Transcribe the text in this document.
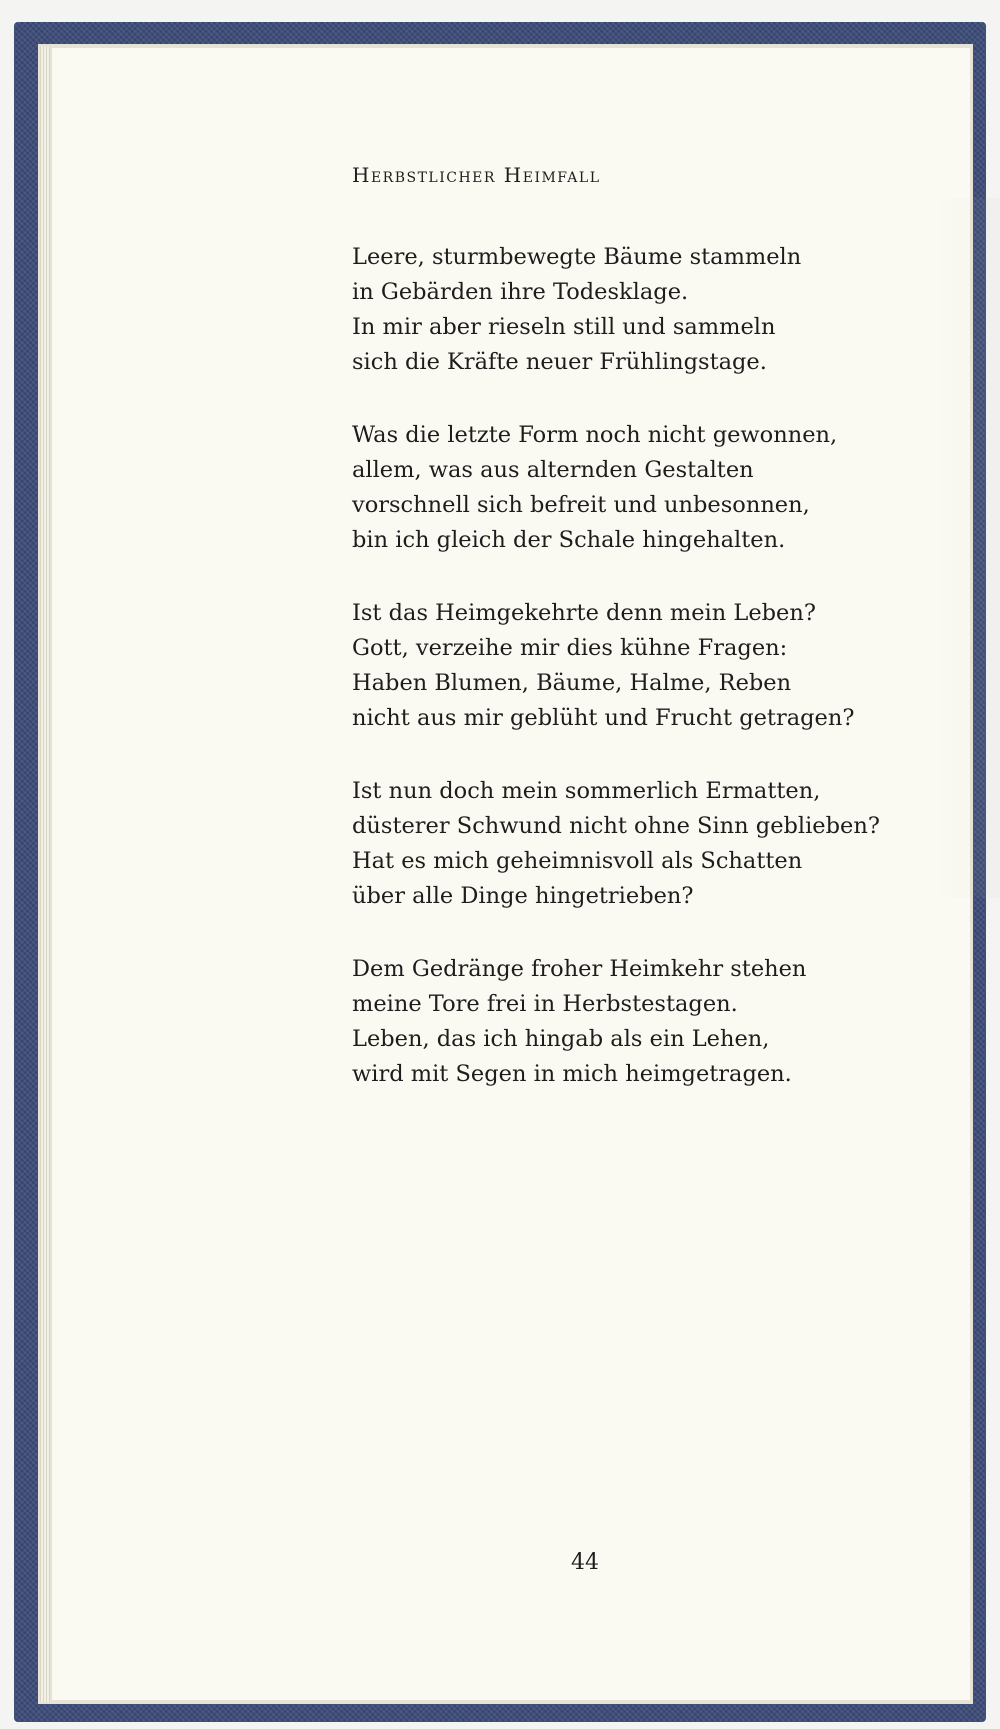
Herbstlicher Heimfall
Leere, sturmbewegte Bäume stammeln
in Gebärden ihre Todesklage.
In mir aber rieseln still und sammeln
sich die Kräfte neuer Frühlingstage.
Was die letzte Form noch nicht gewonnen,
allem, was aus alternden Gestalten
vorschnell sich befreit und unbesonnen,
bin ich gleich der Schale hingehalten.
Ist das Heimgekehrte denn mein Leben?
Gott, verzeihe mir dies kühne Fragen:
Haben Blumen, Bäume, Halme, Reben
nicht aus mir geblüht und Frucht getragen?
Ist nun doch mein sommerlich Ermatten,
düsterer Schwund nicht ohne Sinn geblieben?
Hat es mich geheimnisvoll als Schatten
über alle Dinge hingetrieben?
Dem Gedränge froher Heimkehr stehen
meine Tore frei in Herbstestagen.
Leben, das ich hingab als ein Lehen,
wird mit Segen in mich heimgetragen.
44
